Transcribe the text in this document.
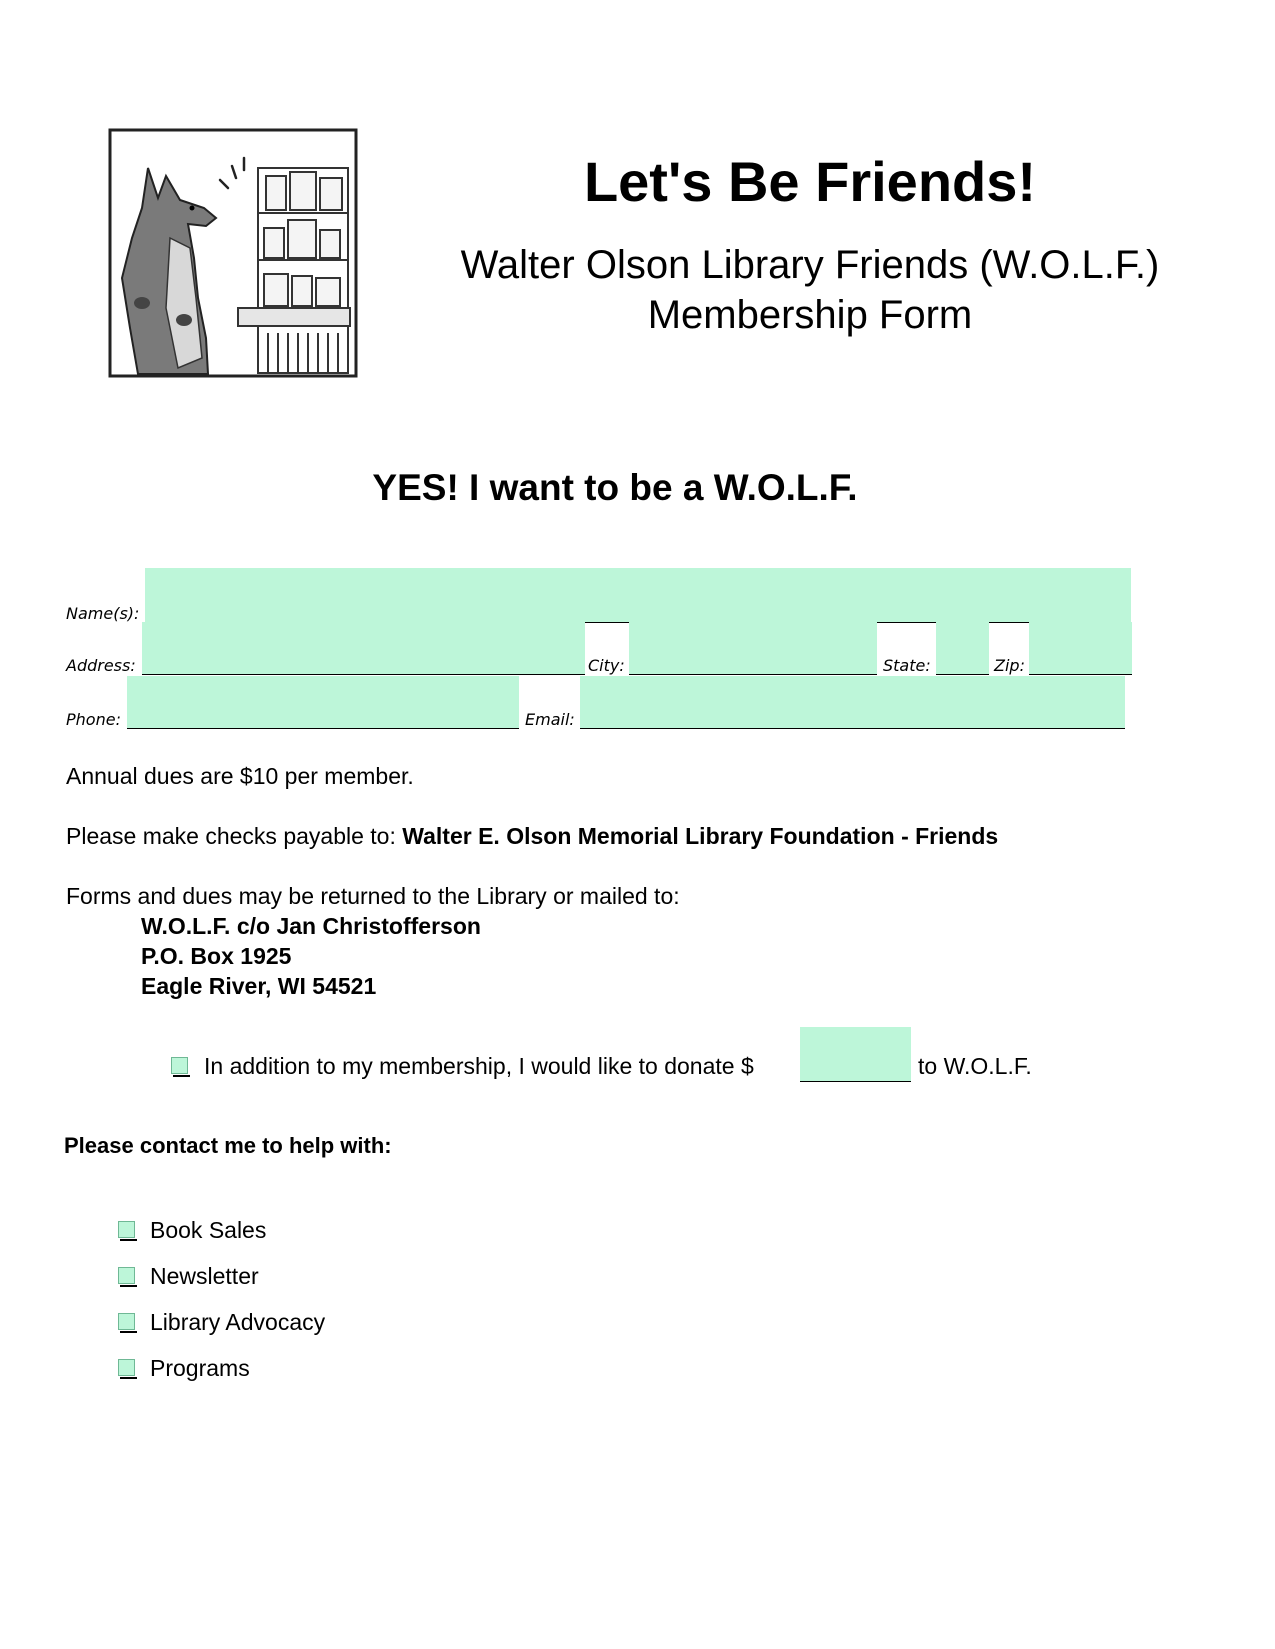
Let's Be Friends!
Walter Olson Library Friends (W.O.L.F.)
Membership Form
YES! I want to be a W.O.L.F.
Name(s):
Address:	City:	State:	Zip:
Phone:	Email:
Annual dues are $10 per member.
Please make checks payable to: Walter E. Olson Memorial Library Foundation - Friends
Forms and dues may be returned to the Library or mailed to:
W.O.L.F. c/o Jan Christofferson
P.O. Box 1925
Eagle River, WI 54521
In addition to my membership, I would like to donate $	to W.O.L.F.
Please contact me to help with:
Book Sales
Newsletter
Library Advocacy
Programs
